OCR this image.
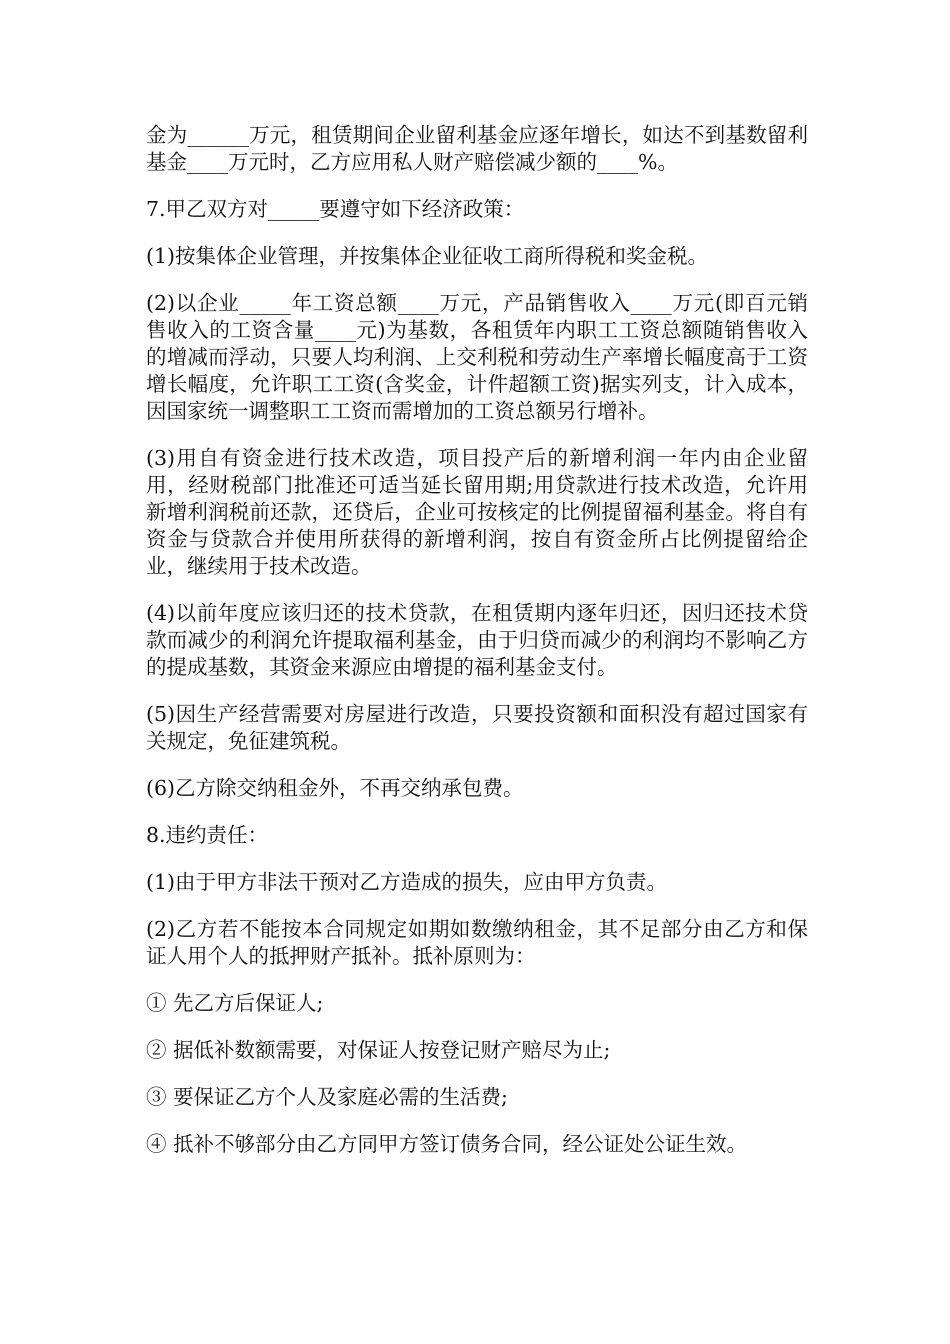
金为______万元，租赁期间企业留利基金应逐年增长，如达不到基数留利基金____万元时，乙方应用私人财产赔偿减少额的____%。

7.甲乙双方对_____要遵守如下经济政策：

(1)按集体企业管理，并按集体企业征收工商所得税和奖金税。

(2)以企业_____年工资总额____万元，产品销售收入____万元(即百元销售收入的工资含量____元)为基数，各租赁年内职工工资总额随销售收入的增减而浮动，只要人均利润、上交利税和劳动生产率增长幅度高于工资增长幅度，允许职工工资(含奖金，计件超额工资)据实列支，计入成本，因国家统一调整职工工资而需增加的工资总额另行增补。

(3)用自有资金进行技术改造，项目投产后的新增利润一年内由企业留用，经财税部门批准还可适当延长留用期;用贷款进行技术改造，允许用新增利润税前还款，还贷后，企业可按核定的比例提留福利基金。将自有资金与贷款合并使用所获得的新增利润，按自有资金所占比例提留给企业，继续用于技术改造。

(4)以前年度应该归还的技术贷款，在租赁期内逐年归还，因归还技术贷款而减少的利润允许提取福利基金，由于归贷而减少的利润均不影响乙方的提成基数，其资金来源应由增提的福利基金支付。

(5)因生产经营需要对房屋进行改造，只要投资额和面积没有超过国家有关规定，免征建筑税。

(6)乙方除交纳租金外，不再交纳承包费。

8.违约责任：

(1)由于甲方非法干预对乙方造成的损失，应由甲方负责。

(2)乙方若不能按本合同规定如期如数缴纳租金，其不足部分由乙方和保证人用个人的抵押财产抵补。抵补原则为：

① 先乙方后保证人;

② 据低补数额需要，对保证人按登记财产赔尽为止;

③ 要保证乙方个人及家庭必需的生活费;

④ 抵补不够部分由乙方同甲方签订债务合同，经公证处公证生效。
